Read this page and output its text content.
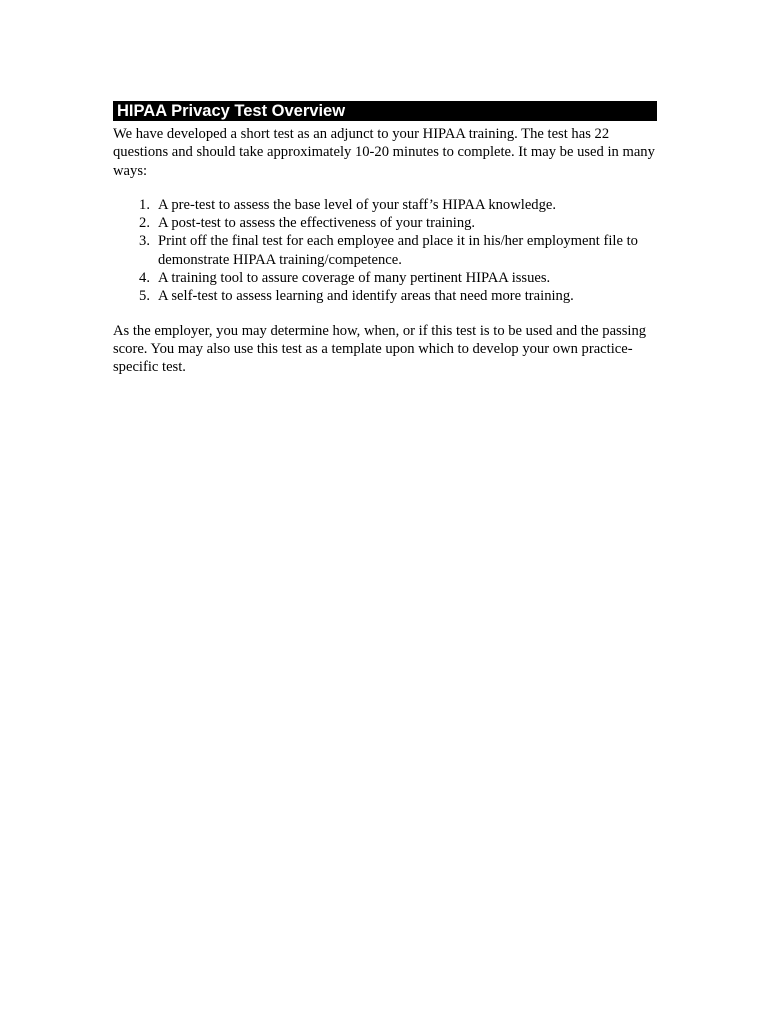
HIPAA Privacy Test Overview

We have developed a short test as an adjunct to your HIPAA training. The test has 22 questions and should take approximately 10-20 minutes to complete. It may be used in many ways:

1. A pre-test to assess the base level of your staff’s HIPAA knowledge.
2. A post-test to assess the effectiveness of your training.
3. Print off the final test for each employee and place it in his/her employment file to demonstrate HIPAA training/competence.
4. A training tool to assure coverage of many pertinent HIPAA issues.
5. A self-test to assess learning and identify areas that need more training.

As the employer, you may determine how, when, or if this test is to be used and the passing score. You may also use this test as a template upon which to develop your own practice-specific test.
